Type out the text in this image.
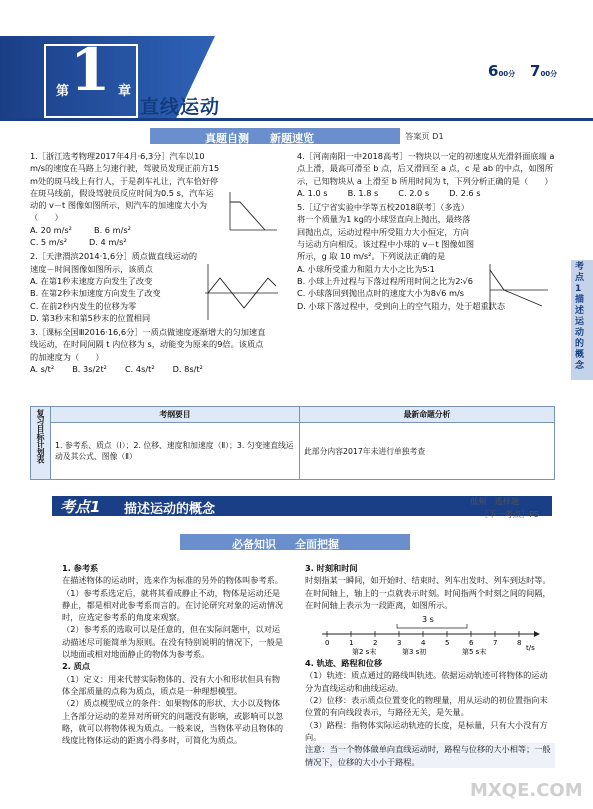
第 1 章
直线运动
600分 700分
真题自测 新题速览	答案页 D1
1.［浙江选考物理2017年4月·6,3分］汽车以10 m/s的速度在马路上匀速行驶，驾驶员发现正前方15 m处的斑马线上有行人，于是刹车礼让，汽车恰好停在斑马线前，假设驾驶员反应时间为0.5 s，汽车运动的 v－t 图像如图所示，则汽车的加速度大小为（　　）
A. 20 m/s²	B. 6 m/s²
C. 5 m/s²	D. 4 m/s²
2.［天津渭滨2014·1,6分］质点做直线运动的速度－时间图像如图所示，该质点
A. 在第1秒末速度方向发生了改变
B. 在第2秒末加速度方向发生了改变
C. 在前2秒内发生的位移为零
D. 第3秒末和第5秒末的位置相同
3.［课标全国Ⅲ2016·16,6分］一质点做速度逐渐增大的匀加速直线运动，在时间间隔 t 内位移为 s，动能变为原来的9倍。该质点的加速度为（　　）
A. s/t² B. 3s/2t² C. 4s/t² D. 8s/t²
4.［河南南阳一中2018高考］一物块以一定的初速度从光滑斜面底端 a 点上滑，最高可滑至 b 点，后又滑回至 a 点，c 是 ab 的中点，如图所示，已知物块从 a 上滑至 b 所用时间为 t，下列分析正确的是（　　）
A. 1.0 s B. 1.8 s C. 2.0 s D. 2.6 s
5.［辽宁省实验中学等五校2018联考］（多选）将一个质量为1 kg的小球竖直向上抛出，最终落回抛出点，运动过程中所受阻力大小恒定，方向与运动方向相反。该过程中小球的 v－t 图像如图所示，g 取 10 m/s²。下列说法正确的是
A. 小球所受重力和阻力大小之比为5∶1
B. 小球上升过程与下落过程所用时间之比为2∶√6
C. 小球落回到抛出点时的速度大小为8√6 m/s
D. 小球下落过程中，受到向上的空气阻力，处于超重状态
复习目标计划表	考纲要目	最新命题分析
	1. 参考系、质点（Ⅰ）；2. 位移、速度和加速度（Ⅱ）；3. 匀变速直线运动及其公式、图像（Ⅱ）	此部分内容2017年未进行单独考查
考点1 描述运动的概念
低频　 选择题
［下一考点］P5
必备知识 全面把握
1. 参考系
在描述物体的运动时，选来作为标准的另外的物体叫参考系。
（1）参考系选定后，就将其看成静止不动，物体是运动还是静止，都是相对此参考系而言的。在讨论研究对象的运动情况时，应选定参考系的角度来观察。
（2）参考系的选取可以是任意的，但在实际问题中，以对运动描述尽可能简单为原则。在没有特别说明的情况下，一般是以地面或相对地面静止的物体为参考系。
2. 质点
（1）定义：用来代替实际物体的、没有大小和形状但具有物体全部质量的点称为质点，质点是一种理想模型。
（2）质点模型成立的条件：如果物体的形状、大小以及物体上各部分运动的差异对所研究的问题没有影响，或影响可以忽略，就可以将物体视为质点。一般来说，当物体平动且物体的线度比物体运动的距离小得多时，可简化为质点。
3. 时刻和时间
时刻指某一瞬间，如开始时、结束时、列车出发时、列车到达时等。在时间轴上，轴上的一点就表示时刻。时间指两个时刻之间的间隔，在时间轴上表示为一段距离，如图所示。
4. 轨迹、路程和位移
（1）轨迹：质点通过的路线叫轨迹。依据运动轨迹可将物体的运动分为直线运动和曲线运动。
（2）位移：表示质点位置变化的物理量，用从运动的初位置指向末位置的有向线段表示，与路径无关，是矢量。
（3）路程：指物体实际运动轨迹的长度，是标量，只有大小没有方向。
注意：当一个物体做单向直线运动时，路程与位移的大小相等；一般情况下，位移的大小小于路程。
0	1	2	3	4	5	6	7	8
3 s
t/s
第2 s末	第3 s初	第5 s末
考点1 描述运动的概念
MXQE.COM
